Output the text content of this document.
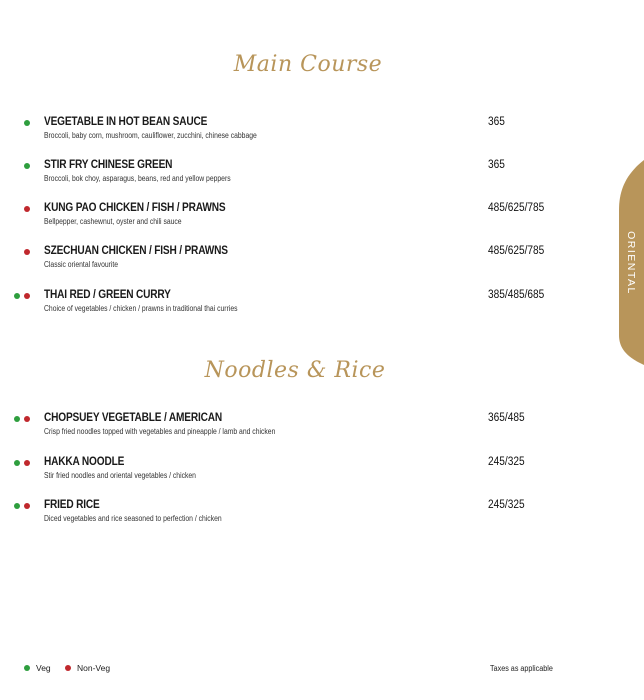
Main Course
VEGETABLE IN HOT BEAN SAUCE
Broccoli, baby corn, mushroom, cauliflower, zucchini, chinese cabbage
365
STIR FRY CHINESE GREEN
Broccoli, bok choy, asparagus, beans, red and yellow peppers
365
KUNG PAO CHICKEN / FISH / PRAWNS
Bellpepper, cashewnut, oyster and chili sauce
485/625/785
SZECHUAN CHICKEN / FISH / PRAWNS
Classic oriental favourite
485/625/785
THAI RED / GREEN CURRY
Choice of vegetables / chicken / prawns in traditional thai curries
385/485/685
Noodles & Rice
CHOPSUEY VEGETABLE / AMERICAN
Crisp fried noodles topped with vegetables and pineapple / lamb and chicken
365/485
HAKKA NOODLE
Stir fried noodles and oriental vegetables / chicken
245/325
FRIED RICE
Diced vegetables and rice seasoned to perfection / chicken
245/325
ORIENTAL
Veg	Non-Veg	Taxes as applicable
